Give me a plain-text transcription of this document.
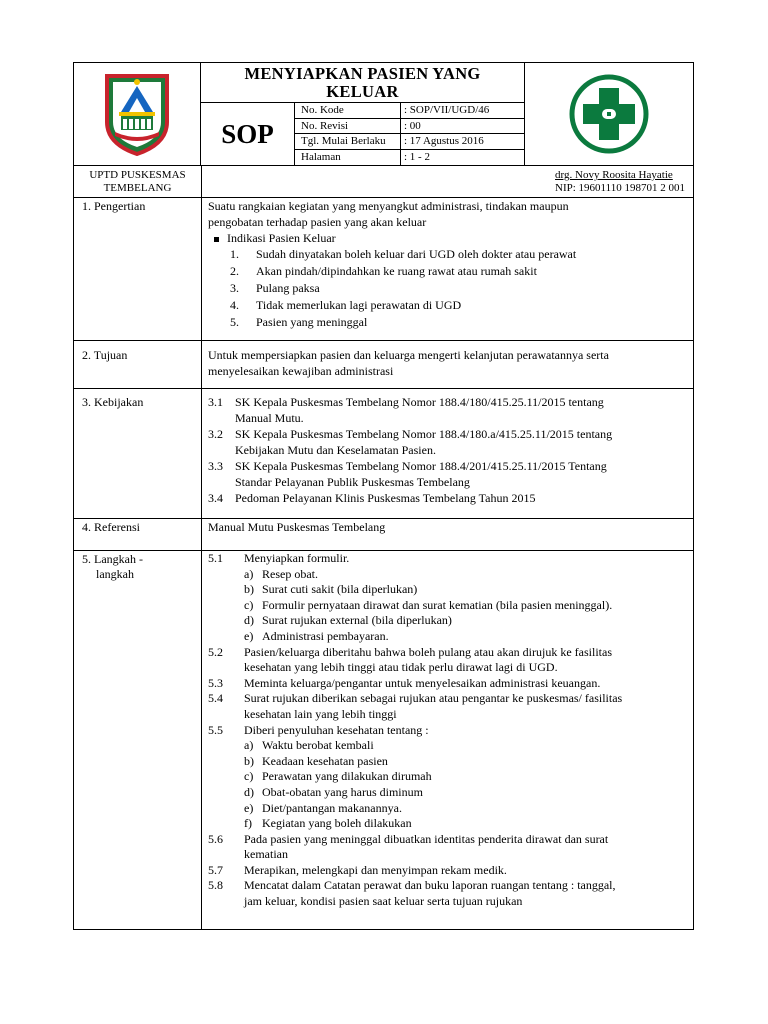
MENYIAPKAN PASIEN YANG
KELUAR
SOP
No. Kode	: SOP/VII/UGD/46
No. Revisi	: 00
Tgl. Mulai Berlaku : 17 Agustus 2016
Halaman	: 1 - 2
UPTD PUSKESMAS
TEMBELANG
drg. Novy Roosita Hayatie
NIP: 19601110 198701 2 001
1. Pengertian	Suatu rangkaian kegiatan yang menyangkut administrasi, tindakan maupun
pengobatan terhadap pasien yang akan keluar
Indikasi Pasien Keluar
1. Sudah dinyatakan boleh keluar dari UGD oleh dokter atau perawat
2. Akan pindah/dipindahkan ke ruang rawat atau rumah sakit
3. Pulang paksa
4. Tidak memerlukan lagi perawatan di UGD
5. Pasien yang meninggal
2. Tujuan	Untuk mempersiapkan pasien dan keluarga mengerti kelanjutan perawatannya serta
menyelesaikan kewajiban administrasi
3. Kebijakan	3.1 SK Kepala Puskesmas Tembelang Nomor 188.4/180/415.25.11/2015 tentang
Manual Mutu.
3.2 SK Kepala Puskesmas Tembelang Nomor 188.4/180.a/415.25.11/2015 tentang
Kebijakan Mutu dan Keselamatan Pasien.
3.3 SK Kepala Puskesmas Tembelang Nomor 188.4/201/415.25.11/2015 Tentang
Standar Pelayanan Publik Puskesmas Tembelang
3.4 Pedoman Pelayanan Klinis Puskesmas Tembelang Tahun 2015
4. Referensi	Manual Mutu Puskesmas Tembelang
5. Langkah -
langkah
5.1 Menyiapkan formulir.
a) Resep obat.
b) Surat cuti sakit (bila diperlukan)
c) Formulir pernyataan dirawat dan surat kematian (bila pasien meninggal).
d) Surat rujukan external (bila diperlukan)
e) Administrasi pembayaran.
5.2 Pasien/keluarga diberitahu bahwa boleh pulang atau akan dirujuk ke fasilitas
kesehatan yang lebih tinggi atau tidak perlu dirawat lagi di UGD.
5.3 Meminta keluarga/pengantar untuk menyelesaikan administrasi keuangan.
5.4 Surat rujukan diberikan sebagai rujukan atau pengantar ke puskesmas/ fasilitas
kesehatan lain yang lebih tinggi
5.5 Diberi penyuluhan kesehatan tentang :
a) Waktu berobat kembali
b) Keadaan kesehatan pasien
c) Perawatan yang dilakukan dirumah
d) Obat-obatan yang harus diminum
e) Diet/pantangan makanannya.
f) Kegiatan yang boleh dilakukan
5.6 Pada pasien yang meninggal dibuatkan identitas penderita dirawat dan surat
kematian
5.7 Merapikan, melengkapi dan menyimpan rekam medik.
5.8 Mencatat dalam Catatan perawat dan buku laporan ruangan tentang : tanggal,
jam keluar, kondisi pasien saat keluar serta tujuan rujukan
